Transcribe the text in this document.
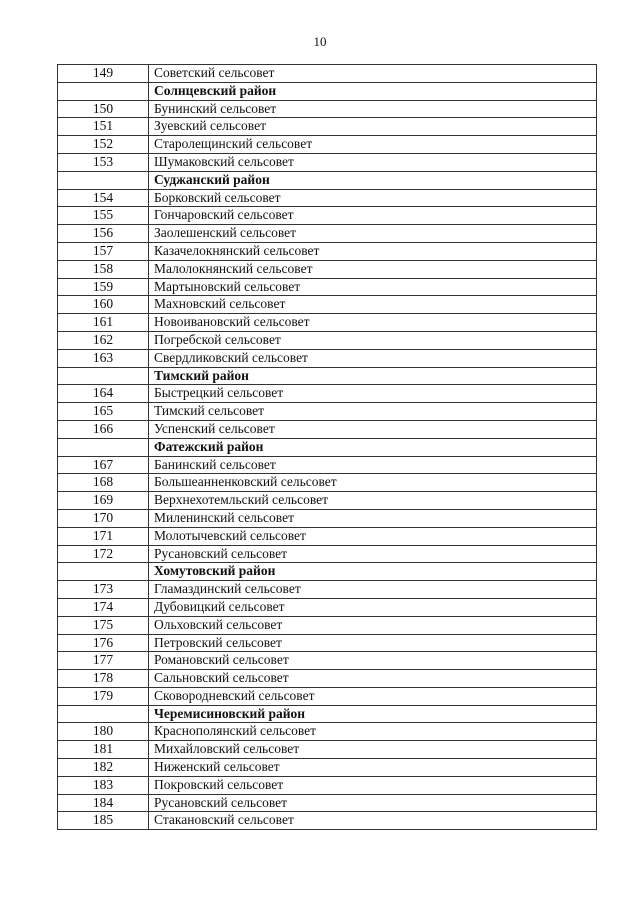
10
149	Советский сельсовет
	Солнцевский район
150	Бунинский сельсовет
151	Зуевский сельсовет
152	Старолещинский сельсовет
153	Шумаковский сельсовет
	Суджанский район
154	Борковский сельсовет
155	Гончаровский сельсовет
156	Заолешенский сельсовет
157	Казачелокнянский сельсовет
158	Малолокнянский сельсовет
159	Мартыновский сельсовет
160	Махновский сельсовет
161	Новоивановский сельсовет
162	Погребской сельсовет
163	Свердликовский сельсовет
	Тимский район
164	Быстрецкий сельсовет
165	Тимский сельсовет
166	Успенский сельсовет
	Фатежский район
167	Банинский сельсовет
168	Большеанненковский сельсовет
169	Верхнехотемльский сельсовет
170	Миленинский сельсовет
171	Молотычевский сельсовет
172	Русановский сельсовет
	Хомутовский район
173	Гламаздинский сельсовет
174	Дубовицкий сельсовет
175	Ольховский сельсовет
176	Петровский сельсовет
177	Романовский сельсовет
178	Сальновский сельсовет
179	Сковородневский сельсовет
	Черемисиновский район
180	Краснополянский сельсовет
181	Михайловский сельсовет
182	Ниженский сельсовет
183	Покровский сельсовет
184	Русановский сельсовет
185	Стакановский сельсовет
